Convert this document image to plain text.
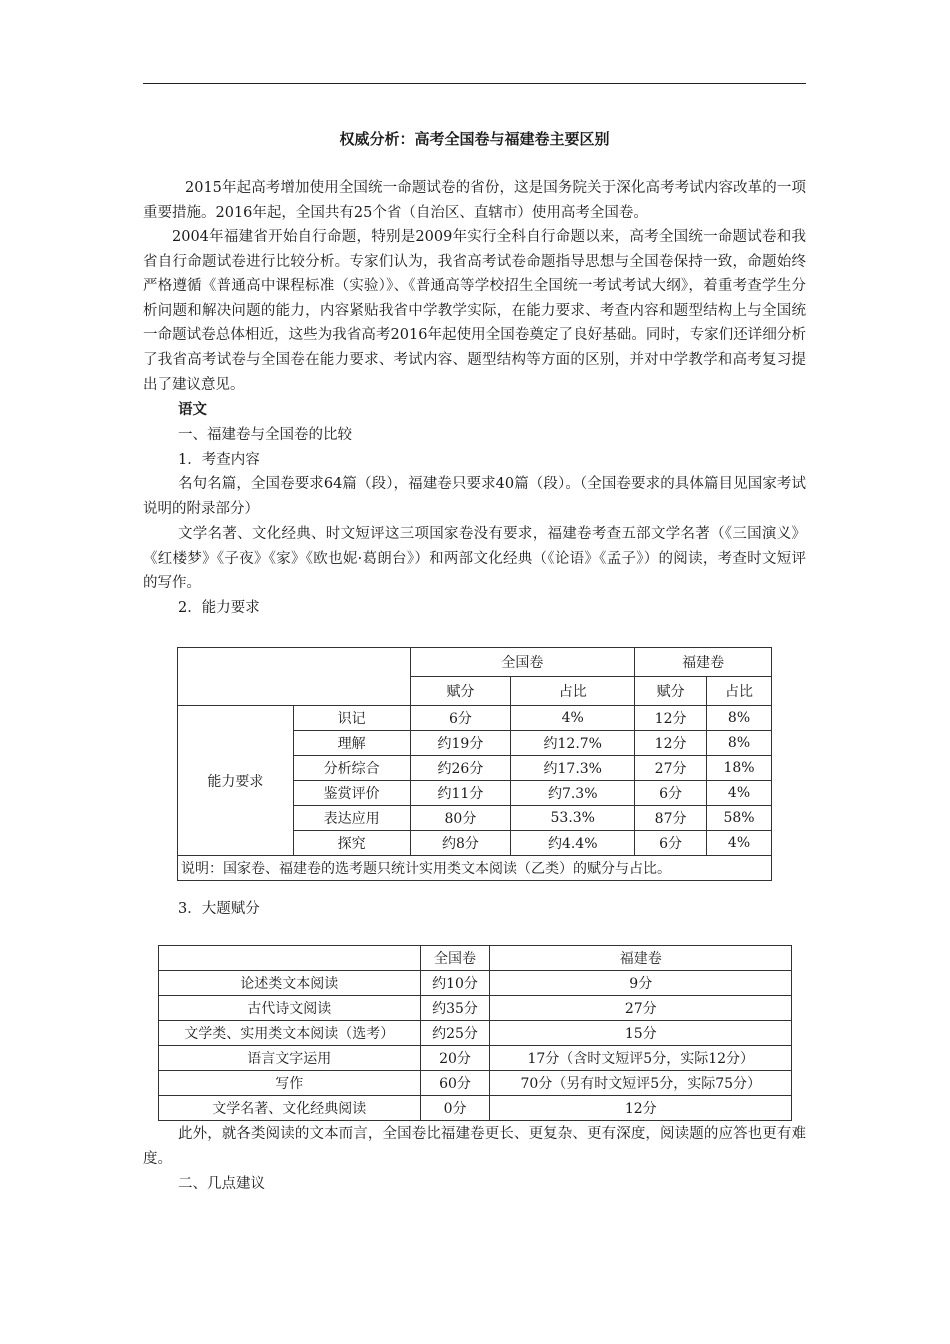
权威分析：高考全国卷与福建卷主要区别

2015年起高考增加使用全国统一命题试卷的省份，这是国务院关于深化高考考试内容改革的一项重要措施。2016年起，全国共有25个省（自治区、直辖市）使用高考全国卷。

2004年福建省开始自行命题，特别是2009年实行全科自行命题以来，高考全国统一命题试卷和我省自行命题试卷进行比较分析。专家们认为，我省高考试卷命题指导思想与全国卷保持一致，命题始终严格遵循《普通高中课程标准（实验）》、《普通高等学校招生全国统一考试考试大纲》，着重考查学生分析问题和解决问题的能力，内容紧贴我省中学教学实际，在能力要求、考查内容和题型结构上与全国统一命题试卷总体相近，这些为我省高考2016年起使用全国卷奠定了良好基础。同时，专家们还详细分析了我省高考试卷与全国卷在能力要求、考试内容、题型结构等方面的区别，并对中学教学和高考复习提出了建议意见。

语文

一、福建卷与全国卷的比较

1．考查内容

名句名篇，全国卷要求64篇（段），福建卷只要求40篇（段）。（全国卷要求的具体篇目见国家考试说明的附录部分）

文学名著、文化经典、时文短评这三项国家卷没有要求，福建卷考查五部文学名著（《三国演义》《红楼梦》《子夜》《家》《欧也妮·葛朗台》）和两部文化经典（《论语》《孟子》）的阅读，考查时文短评的写作。

2．能力要求

		全国卷		福建卷	
		赋分	占比	赋分	占比
能力要求	识记	6分	4%	12分	8%
	理解	约19分	约12.7%	12分	8%
	分析综合	约26分	约17.3%	27分	18%
	鉴赏评价	约11分	约7.3%	6分	4%
	表达应用	80分	53.3%	87分	58%
	探究	约8分	约4.4%	6分	4%
说明：国家卷、福建卷的选考题只统计实用类文本阅读（乙类）的赋分与占比。					

3．大题赋分

	全国卷	福建卷
论述类文本阅读	约10分	9分
古代诗文阅读	约35分	27分
文学类、实用类文本阅读（选考）	约25分	15分
语言文字运用	20分	17分（含时文短评5分，实际12分）
写作	60分	70分（另有时文短评5分，实际75分）
文学名著、文化经典阅读	0分	12分

此外，就各类阅读的文本而言，全国卷比福建卷更长、更复杂、更有深度，阅读题的应答也更有难度。

二、几点建议
